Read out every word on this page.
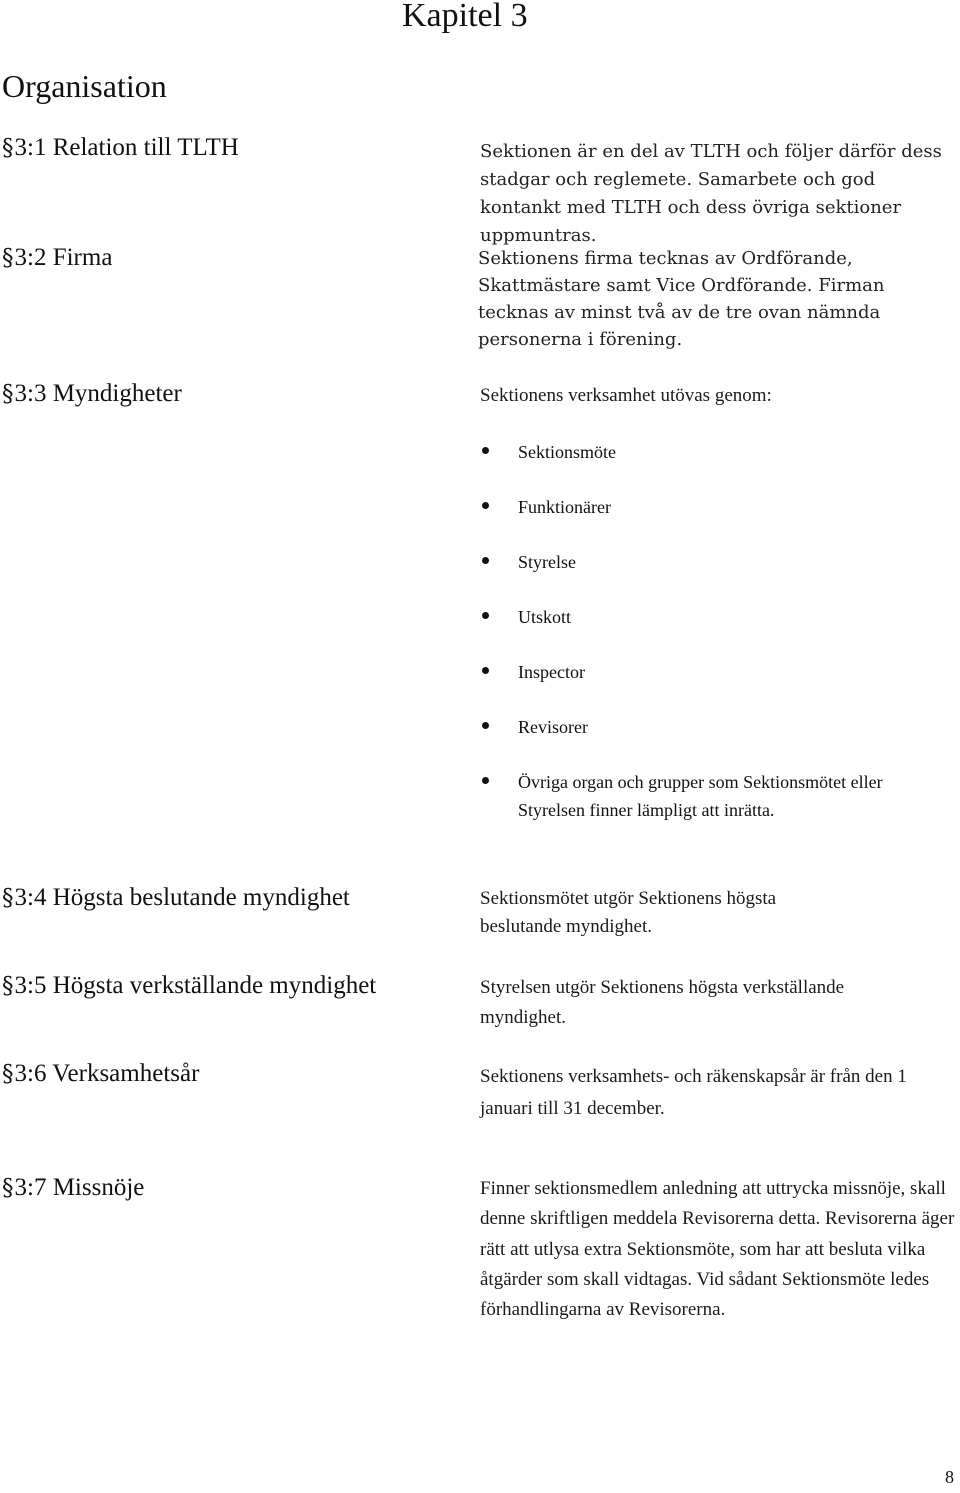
Kapitel 3
Organisation
§3:1 Relation till TLTH	Sektionen är en del av TLTH och följer därför dess stadgar och reglemete. Samarbete och god kontankt med TLTH och dess övriga sektioner uppmuntras.
§3:2 Firma	Sektionens firma tecknas av Ordförande, Skattmästare samt Vice Ordförande. Firman tecknas av minst två av de tre ovan nämnda personerna i förening.
§3:3 Myndigheter	Sektionens verksamhet utövas genom:
Sektionsmöte
Funktionärer
Styrelse
Utskott
Inspector
Revisorer
Övriga organ och grupper som Sektionsmötet eller Styrelsen finner lämpligt att inrätta.
§3:4 Högsta beslutande myndighet	Sektionsmötet utgör Sektionens högsta beslutande myndighet.
§3:5 Högsta verkställande myndighet	Styrelsen utgör Sektionens högsta verkställande myndighet.
§3:6 Verksamhetsår	Sektionens verksamhets- och räkenskapsår är från den 1 januari till 31 december.
§3:7 Missnöje	Finner sektionsmedlem anledning att uttrycka missnöje, skall denne skriftligen meddela Revisorerna detta. Revisorerna äger rätt att utlysa extra Sektionsmöte, som har att besluta vilka åtgärder som skall vidtagas. Vid sådant Sektionsmöte ledes förhandlingarna av Revisorerna.
8
